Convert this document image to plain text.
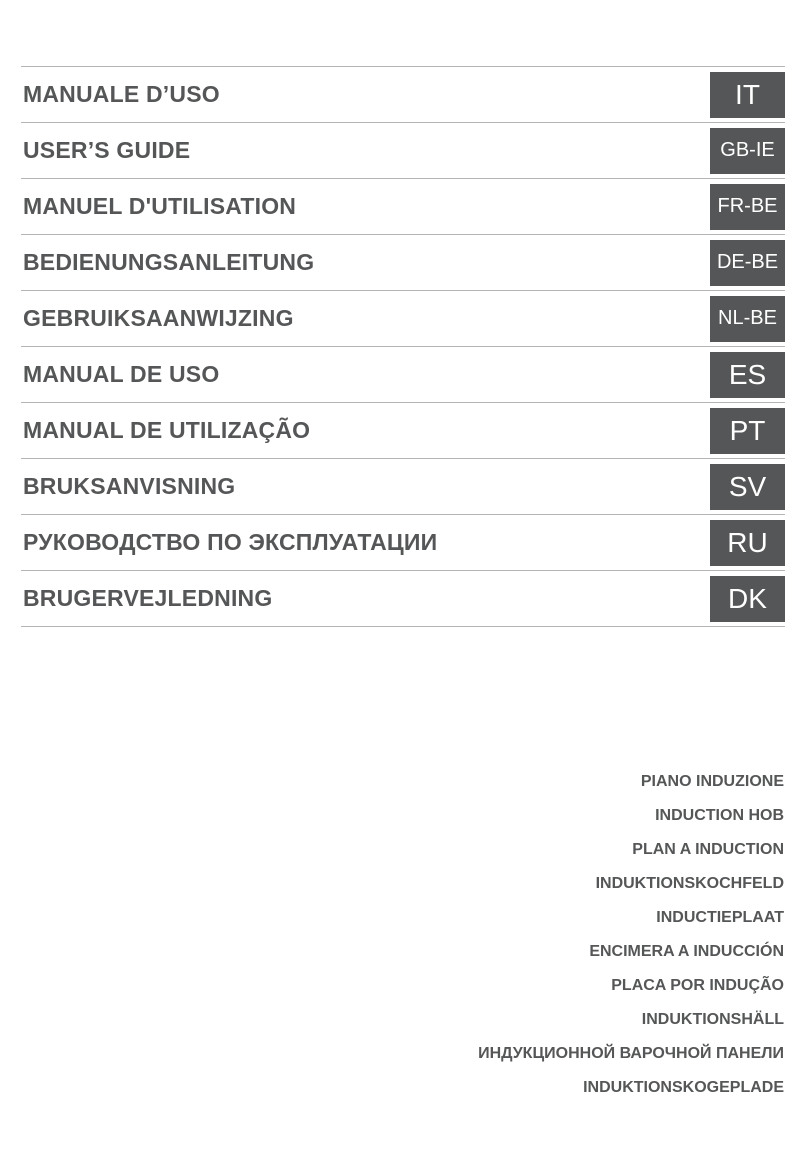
MANUALE D’USO	IT
USER’S GUIDE	GB-IE
MANUEL D'UTILISATION	FR-BE
BEDIENUNGSANLEITUNG	DE-BE
GEBRUIKSAANWIJZING	NL-BE
MANUAL DE USO	ES
MANUAL DE UTILIZAÇÃO	PT
BRUKSANVISNING	SV
РУКОВОДСТВО ПО ЭКСПЛУАТАЦИИ	RU
BRUGERVEJLEDNING	DK
PIANO INDUZIONE
INDUCTION HOB
PLAN A INDUCTION
INDUKTIONSKOCHFELD
INDUCTIEPLAAT
ENCIMERA A INDUCCIÓN
PLACA POR INDUÇÃO
INDUKTIONSHÄLL
ИНДУКЦИОННОЙ ВАРОЧНОЙ ПАНЕЛИ
INDUKTIONSKOGEPLADE
